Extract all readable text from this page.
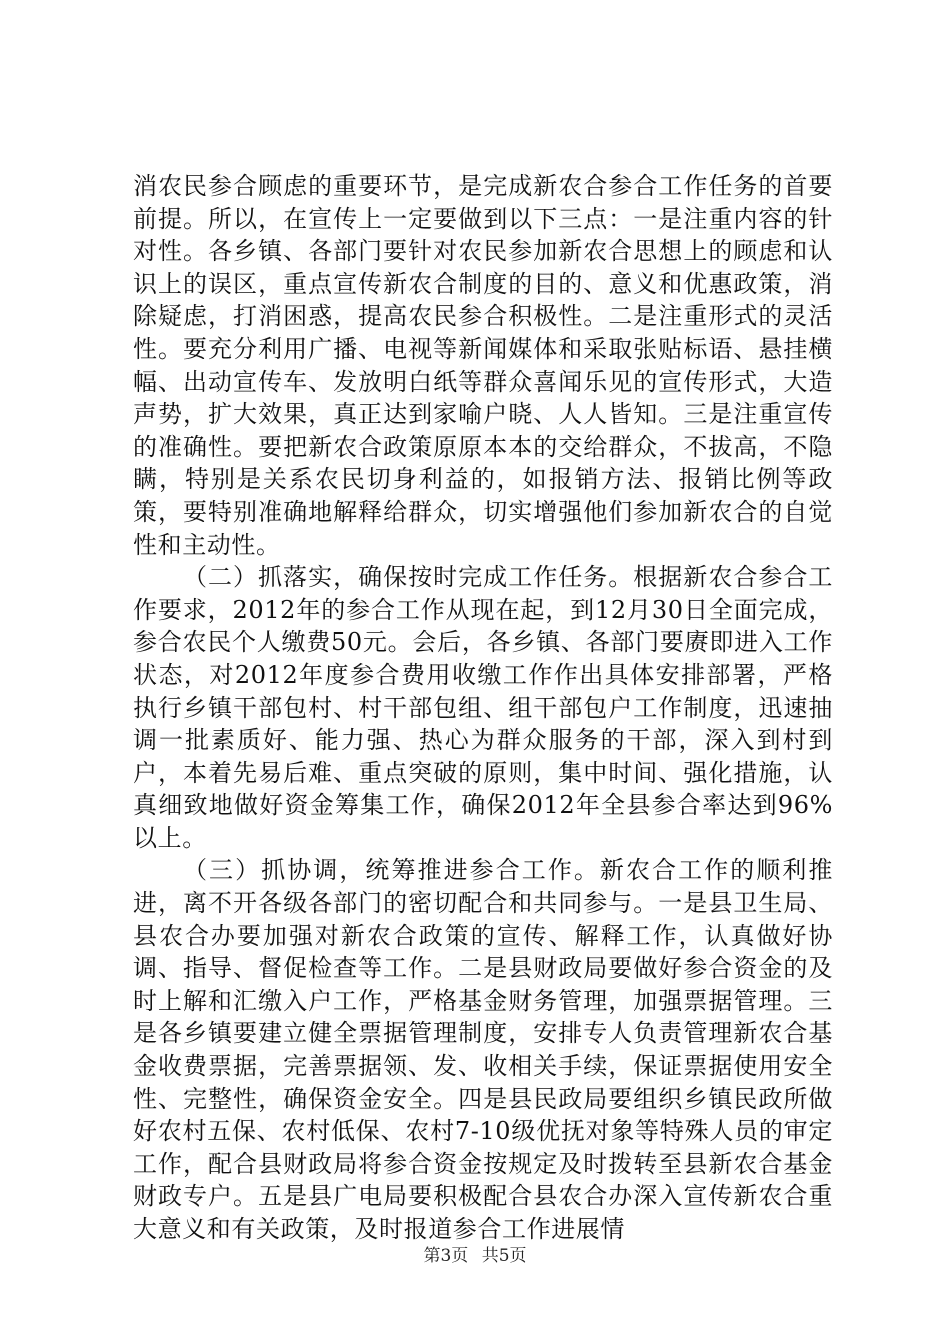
消农民参合顾虑的重要环节，是完成新农合参合工作任务的首要前提。所以，在宣传上一定要做到以下三点：一是注重内容的针对性。各乡镇、各部门要针对农民参加新农合思想上的顾虑和认识上的误区，重点宣传新农合制度的目的、意义和优惠政策，消除疑虑，打消困惑，提高农民参合积极性。二是注重形式的灵活性。要充分利用广播、电视等新闻媒体和采取张贴标语、悬挂横幅、出动宣传车、发放明白纸等群众喜闻乐见的宣传形式，大造声势，扩大效果，真正达到家喻户晓、人人皆知。三是注重宣传的准确性。要把新农合政策原原本本的交给群众，不拔高，不隐瞒，特别是关系农民切身利益的，如报销方法、报销比例等政策，要特别准确地解释给群众，切实增强他们参加新农合的自觉性和主动性。

（二）抓落实，确保按时完成工作任务。根据新农合参合工作要求，2012年的参合工作从现在起，到12月30日全面完成，参合农民个人缴费50元。会后，各乡镇、各部门要赓即进入工作状态，对2012年度参合费用收缴工作作出具体安排部署，严格执行乡镇干部包村、村干部包组、组干部包户工作制度，迅速抽调一批素质好、能力强、热心为群众服务的干部，深入到村到户，本着先易后难、重点突破的原则，集中时间、强化措施，认真细致地做好资金筹集工作，确保2012年全县参合率达到96%以上。

（三）抓协调，统筹推进参合工作。新农合工作的顺利推进，离不开各级各部门的密切配合和共同参与。一是县卫生局、县农合办要加强对新农合政策的宣传、解释工作，认真做好协调、指导、督促检查等工作。二是县财政局要做好参合资金的及时上解和汇缴入户工作，严格基金财务管理，加强票据管理。三是各乡镇要建立健全票据管理制度，安排专人负责管理新农合基金收费票据，完善票据领、发、收相关手续，保证票据使用安全性、完整性，确保资金安全。四是县民政局要组织乡镇民政所做好农村五保、农村低保、农村7-10级优抚对象等特殊人员的审定工作，配合县财政局将参合资金按规定及时拨转至县新农合基金财政专户。五是县广电局要积极配合县农合办深入宣传新农合重大意义和有关政策，及时报道参合工作进展情

第3页 共5页
